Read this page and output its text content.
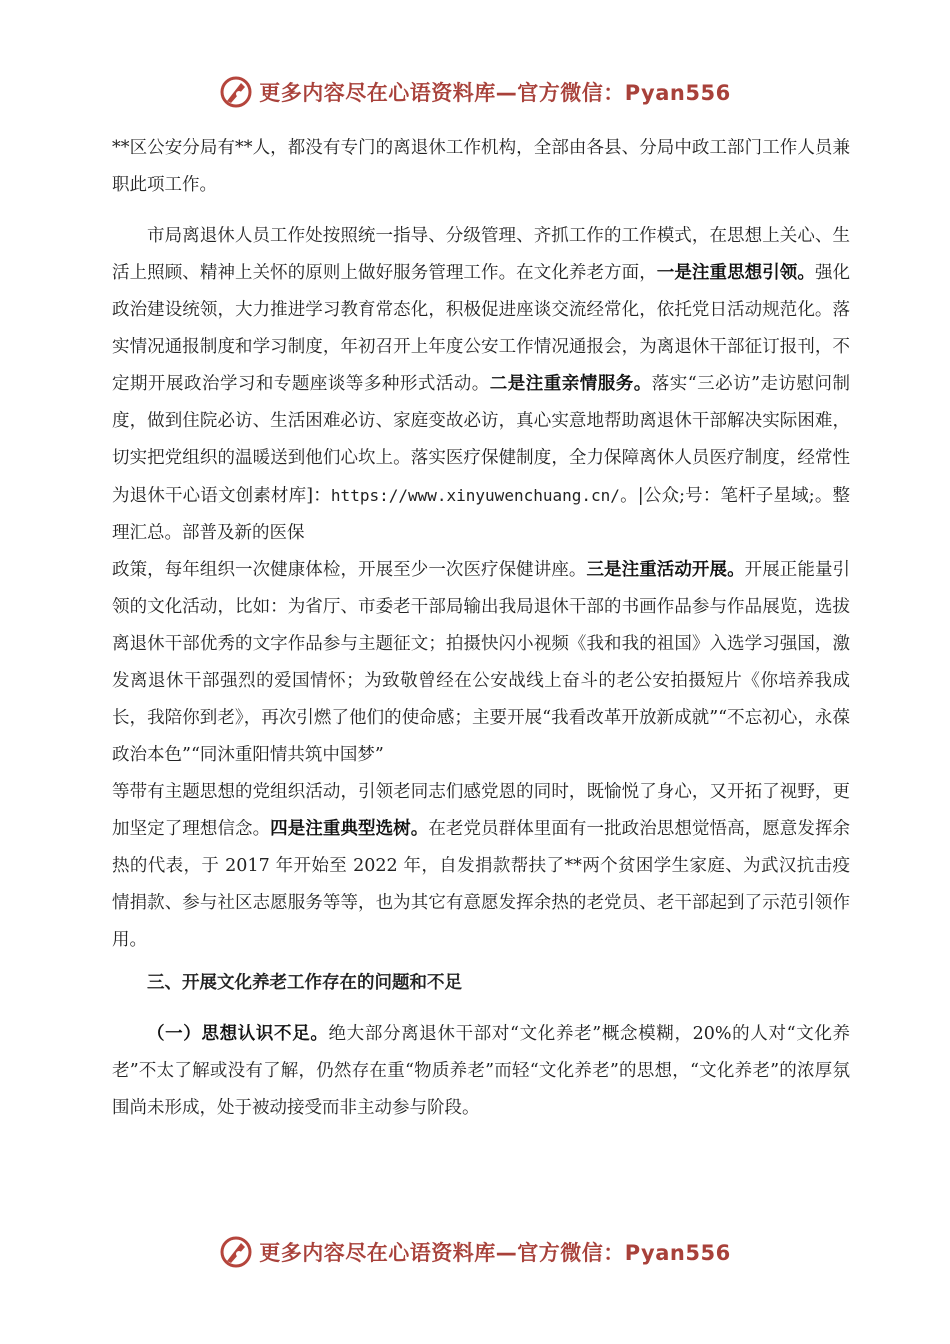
更多内容尽在心语资料库—官方微信：Pyan556

**区公安分局有**人，都没有专门的离退休工作机构，全部由各县、分局中政工部门工作人员兼职此项工作。

市局离退休人员工作处按照统一指导、分级管理、齐抓工作的工作模式，在思想上关心、生活上照顾、精神上关怀的原则上做好服务管理工作。在文化养老方面，一是注重思想引领。强化政治建设统领，大力推进学习教育常态化，积极促进座谈交流经常化，依托党日活动规范化。落实情况通报制度和学习制度，年初召开上年度公安工作情况通报会，为离退休干部征订报刊，不定期开展政治学习和专题座谈等多种形式活动。二是注重亲情服务。落实“三必访”走访慰问制度，做到住院必访、生活困难必访、家庭变故必访，真心实意地帮助离退休干部解决实际困难，切实把党组织的温暖送到他们心坎上。落实医疗保健制度，全力保障离休人员医疗制度，经常性为退休干心语文创素材库]：https://www.xinyuwenchuang.cn/。|公众;号：笔杆子星域;。整理汇总。部普及新的医保

政策，每年组织一次健康体检，开展至少一次医疗保健讲座。三是注重活动开展。开展正能量引领的文化活动，比如：为省厅、市委老干部局输出我局退休干部的书画作品参与作品展览，选拔离退休干部优秀的文字作品参与主题征文；拍摄快闪小视频《我和我的祖国》入选学习强国，激发离退休干部强烈的爱国情怀；为致敬曾经在公安战线上奋斗的老公安拍摄短片《你培养我成长，我陪你到老》，再次引燃了他们的使命感；主要开展“我看改革开放新成就”“不忘初心，永葆政治本色”“同沐重阳情共筑中国梦”

等带有主题思想的党组织活动，引领老同志们感党恩的同时，既愉悦了身心，又开拓了视野，更加坚定了理想信念。四是注重典型选树。在老党员群体里面有一批政治思想觉悟高，愿意发挥余热的代表，于 2017 年开始至 2022 年，自发捐款帮扶了**两个贫困学生家庭、为武汉抗击疫情捐款、参与社区志愿服务等等，也为其它有意愿发挥余热的老党员、老干部起到了示范引领作用。

三、开展文化养老工作存在的问题和不足

（一）思想认识不足。绝大部分离退休干部对“文化养老”概念模糊，20%的人对“文化养老”不太了解或没有了解，仍然存在重“物质养老”而轻“文化养老”的思想，“文化养老”的浓厚氛围尚未形成，处于被动接受而非主动参与阶段。

更多内容尽在心语资料库—官方微信：Pyan556
